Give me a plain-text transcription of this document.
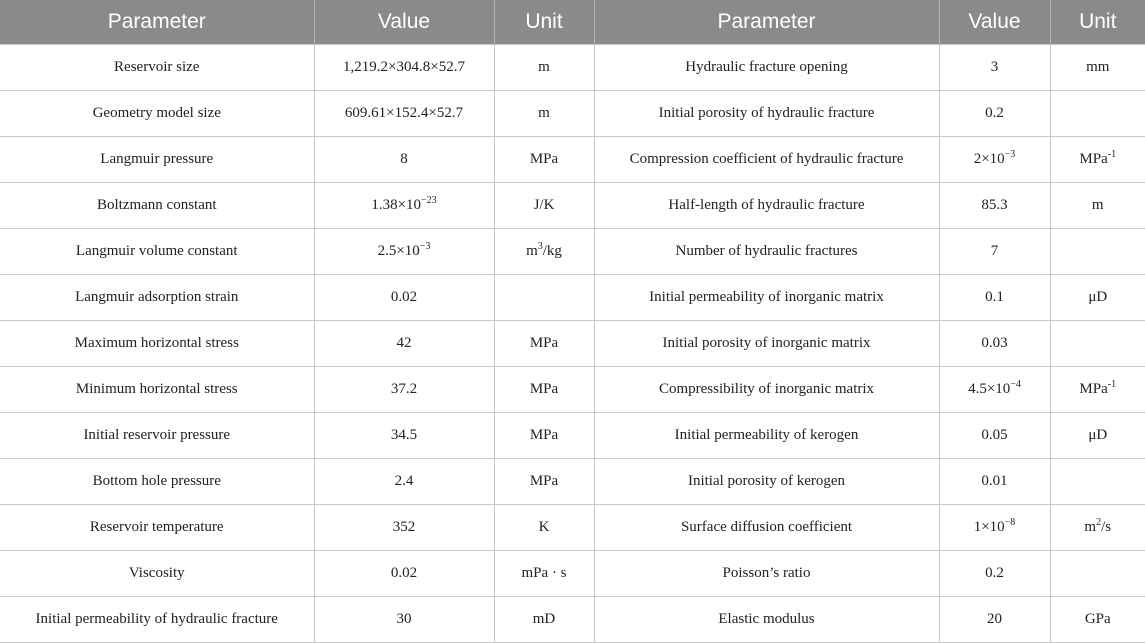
Parameter	Value	Unit	Parameter	Value	Unit
Reservoir size	1,219.2×304.8×52.7	m	Hydraulic fracture opening	3	mm
Geometry model size	609.61×152.4×52.7	m	Initial porosity of hydraulic fracture	0.2	
Langmuir pressure	8	MPa	Compression coefficient of hydraulic fracture	$2\times 10^{-3}$	MPa$^{-1}$
Boltzmann constant	$1.38\times 10^{-23}$	J/K	Half-length of hydraulic fracture	85.3	m
Langmuir volume constant	$2.5\times 10^{-3}$	$m^3/kg$	Number of hydraulic fractures	7	
Langmuir adsorption strain	0.02		Initial permeability of inorganic matrix	0.1	μD
Maximum horizontal stress	42	MPa	Initial porosity of inorganic matrix	0.03	
Minimum horizontal stress	37.2	MPa	Compressibility of inorganic matrix	$4.5\times 10^{-4}$	MPa$^{-1}$
Initial reservoir pressure	34.5	MPa	Initial permeability of kerogen	0.05	μD
Bottom hole pressure	2.4	MPa	Initial porosity of kerogen	0.01	
Reservoir temperature	352	K	Surface diffusion coefficient	$1\times 10^{-8}$	$m^2/s$
Viscosity	0.02	mPa · s	Poisson’s ratio	0.2	
Initial permeability of hydraulic fracture	30	mD	Elastic modulus	20	GPa
